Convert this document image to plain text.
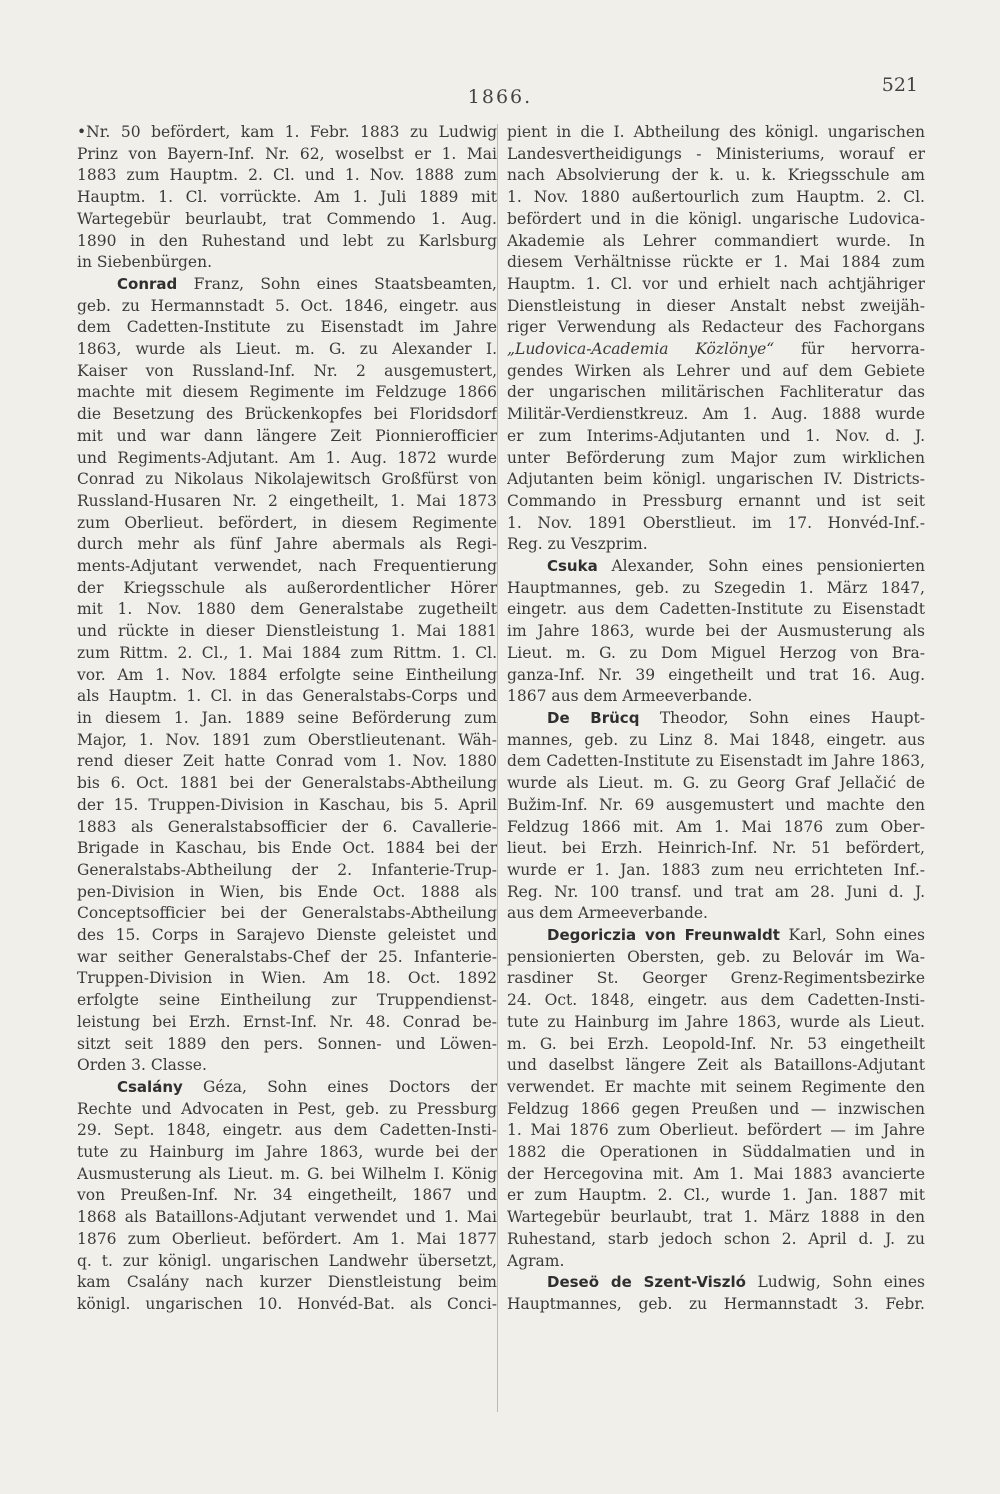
1866.
521
•Nr. 50 befördert, kam 1. Febr. 1883 zu Ludwig
Prinz von Bayern-Inf. Nr. 62, woselbst er 1. Mai
1883 zum Hauptm. 2. Cl. und 1. Nov. 1888 zum
Hauptm. 1. Cl. vorrückte. Am 1. Juli 1889 mit
Wartegebür beurlaubt, trat Commendo 1. Aug.
1890 in den Ruhestand und lebt zu Karlsburg
in Siebenbürgen.
Conrad Franz, Sohn eines Staatsbeamten,
geb. zu Hermannstadt 5. Oct. 1846, eingetr. aus
dem Cadetten-Institute zu Eisenstadt im Jahre
1863, wurde als Lieut. m. G. zu Alexander I.
Kaiser von Russland-Inf. Nr. 2 ausgemustert,
machte mit diesem Regimente im Feldzuge 1866
die Besetzung des Brückenkopfes bei Floridsdorf
mit und war dann längere Zeit Pionnierofficier
und Regiments-Adjutant. Am 1. Aug. 1872 wurde
Conrad zu Nikolaus Nikolajewitsch Großfürst von
Russland-Husaren Nr. 2 eingetheilt, 1. Mai 1873
zum Oberlieut. befördert, in diesem Regimente
durch mehr als fünf Jahre abermals als Regi-
ments-Adjutant verwendet, nach Frequentierung
der Kriegsschule als außerordentlicher Hörer
mit 1. Nov. 1880 dem Generalstabe zugetheilt
und rückte in dieser Dienstleistung 1. Mai 1881
zum Rittm. 2. Cl., 1. Mai 1884 zum Rittm. 1. Cl.
vor. Am 1. Nov. 1884 erfolgte seine Eintheilung
als Hauptm. 1. Cl. in das Generalstabs-Corps und
in diesem 1. Jan. 1889 seine Beförderung zum
Major, 1. Nov. 1891 zum Oberstlieutenant. Wäh-
rend dieser Zeit hatte Conrad vom 1. Nov. 1880
bis 6. Oct. 1881 bei der Generalstabs-Abtheilung
der 15. Truppen-Division in Kaschau, bis 5. April
1883 als Generalstabsofficier der 6. Cavallerie-
Brigade in Kaschau, bis Ende Oct. 1884 bei der
Generalstabs-Abtheilung der 2. Infanterie-Trup-
pen-Division in Wien, bis Ende Oct. 1888 als
Conceptsofficier bei der Generalstabs-Abtheilung
des 15. Corps in Sarajevo Dienste geleistet und
war seither Generalstabs-Chef der 25. Infanterie-
Truppen-Division in Wien. Am 18. Oct. 1892
erfolgte seine Eintheilung zur Truppendienst-
leistung bei Erzh. Ernst-Inf. Nr. 48. Conrad be-
sitzt seit 1889 den pers. Sonnen- und Löwen-
Orden 3. Classe.
Csalány Géza, Sohn eines Doctors der
Rechte und Advocaten in Pest, geb. zu Pressburg
29. Sept. 1848, eingetr. aus dem Cadetten-Insti-
tute zu Hainburg im Jahre 1863, wurde bei der
Ausmusterung als Lieut. m. G. bei Wilhelm I. König
von Preußen-Inf. Nr. 34 eingetheilt, 1867 und
1868 als Bataillons-Adjutant verwendet und 1. Mai
1876 zum Oberlieut. befördert. Am 1. Mai 1877
q. t. zur königl. ungarischen Landwehr übersetzt,
kam Csalány nach kurzer Dienstleistung beim
königl. ungarischen 10. Honvéd-Bat. als Conci-
pient in die I. Abtheilung des königl. ungarischen
Landesvertheidigungs - Ministeriums, worauf er
nach Absolvierung der k. u. k. Kriegsschule am
1. Nov. 1880 außertourlich zum Hauptm. 2. Cl.
befördert und in die königl. ungarische Ludovica-
Akademie als Lehrer commandiert wurde. In
diesem Verhältnisse rückte er 1. Mai 1884 zum
Hauptm. 1. Cl. vor und erhielt nach achtjähriger
Dienstleistung in dieser Anstalt nebst zweijäh-
riger Verwendung als Redacteur des Fachorgans
„Ludovica-Academia Közlönye“ für hervorra-
gendes Wirken als Lehrer und auf dem Gebiete
der ungarischen militärischen Fachliteratur das
Militär-Verdienstkreuz. Am 1. Aug. 1888 wurde
er zum Interims-Adjutanten und 1. Nov. d. J.
unter Beförderung zum Major zum wirklichen
Adjutanten beim königl. ungarischen IV. Districts-
Commando in Pressburg ernannt und ist seit
1. Nov. 1891 Oberstlieut. im 17. Honvéd-Inf.-
Reg. zu Veszprim.
Csuka Alexander, Sohn eines pensionierten
Hauptmannes, geb. zu Szegedin 1. März 1847,
eingetr. aus dem Cadetten-Institute zu Eisenstadt
im Jahre 1863, wurde bei der Ausmusterung als
Lieut. m. G. zu Dom Miguel Herzog von Bra-
ganza-Inf. Nr. 39 eingetheilt und trat 16. Aug.
1867 aus dem Armeeverbande.
De Brücq Theodor, Sohn eines Haupt-
mannes, geb. zu Linz 8. Mai 1848, eingetr. aus
dem Cadetten-Institute zu Eisenstadt im Jahre 1863,
wurde als Lieut. m. G. zu Georg Graf Jellačić de
Bužim-Inf. Nr. 69 ausgemustert und machte den
Feldzug 1866 mit. Am 1. Mai 1876 zum Ober-
lieut. bei Erzh. Heinrich-Inf. Nr. 51 befördert,
wurde er 1. Jan. 1883 zum neu errichteten Inf.-
Reg. Nr. 100 transf. und trat am 28. Juni d. J.
aus dem Armeeverbande.
Degoriczia von Freunwaldt Karl, Sohn eines
pensionierten Obersten, geb. zu Belovár im Wa-
rasdiner St. Georger Grenz-Regimentsbezirke
24. Oct. 1848, eingetr. aus dem Cadetten-Insti-
tute zu Hainburg im Jahre 1863, wurde als Lieut.
m. G. bei Erzh. Leopold-Inf. Nr. 53 eingetheilt
und daselbst längere Zeit als Bataillons-Adjutant
verwendet. Er machte mit seinem Regimente den
Feldzug 1866 gegen Preußen und — inzwischen
1. Mai 1876 zum Oberlieut. befördert — im Jahre
1882 die Operationen in Süddalmatien und in
der Hercegovina mit. Am 1. Mai 1883 avancierte
er zum Hauptm. 2. Cl., wurde 1. Jan. 1887 mit
Wartegebür beurlaubt, trat 1. März 1888 in den
Ruhestand, starb jedoch schon 2. April d. J. zu
Agram.
Deseö de Szent-Viszló Ludwig, Sohn eines
Hauptmannes, geb. zu Hermannstadt 3. Febr.
